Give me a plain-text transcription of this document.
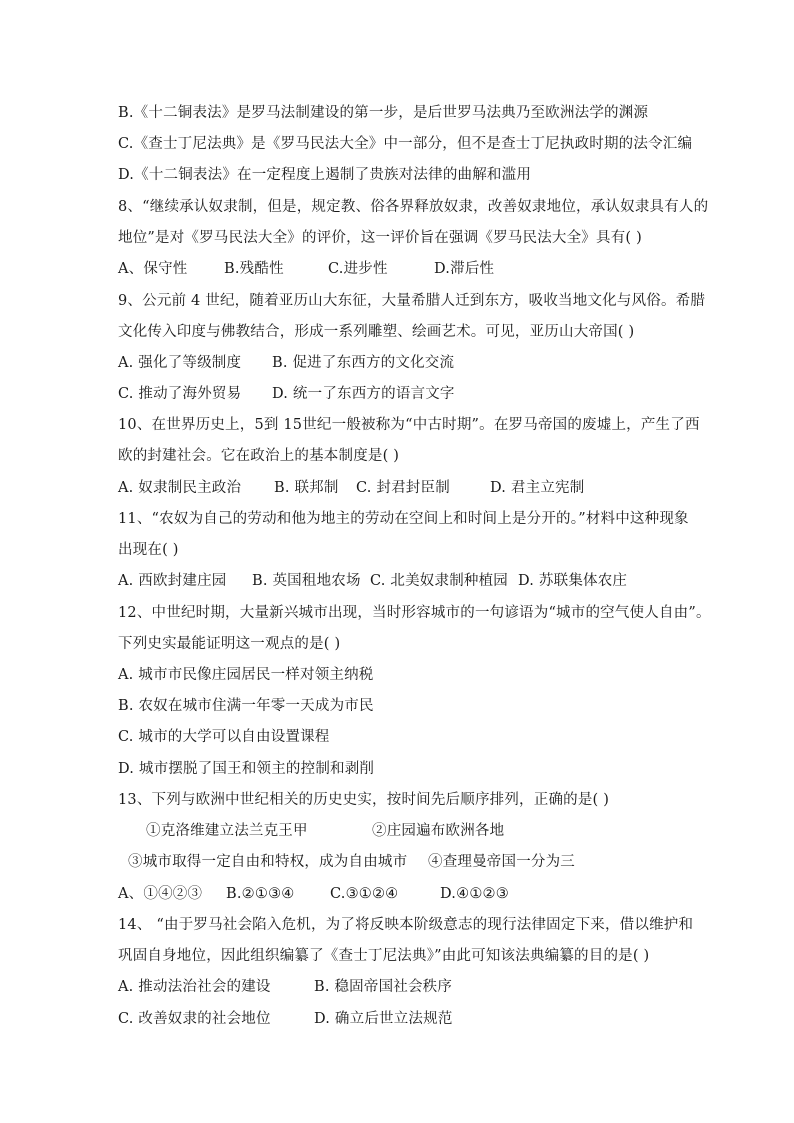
B.《十二铜表法》是罗马法制建设的第一步，是后世罗马法典乃至欧洲法学的渊源
C.《查士丁尼法典》是《罗马民法大全》中一部分，但不是查士丁尼执政时期的法令汇编
D.《十二铜表法》在一定程度上遏制了贵族对法律的曲解和滥用
8、“继续承认奴隶制，但是，规定教、俗各界释放奴隶，改善奴隶地位，承认奴隶具有人的
地位”是对《罗马民法大全》的评价，这一评价旨在强调《罗马民法大全》具有( )
A、保守性	B.残酷性	C.进步性	D.滞后性
9、公元前 4 世纪，随着亚历山大东征，大量希腊人迁到东方，吸收当地文化与风俗。希腊
文化传入印度与佛教结合，形成一系列雕塑、绘画艺术。可见，亚历山大帝国( )
A. 强化了等级制度 B. 促进了东西方的文化交流
C. 推动了海外贸易 D. 统一了东西方的语言文字
10、在世界历史上，5到 15世纪一般被称为“中古时期”。在罗马帝国的废墟上，产生了西
欧的封建社会。它在政治上的基本制度是( )
A. 奴隶制民主政治 B. 联邦制 C. 封君封臣制	D. 君主立宪制
11、“农奴为自己的劳动和他为地主的劳动在空间上和时间上是分开的。”材料中这种现象
出现在( )
A. 西欧封建庄园 B. 英国租地农场 C. 北美奴隶制种植园 D. 苏联集体农庄
12、中世纪时期，大量新兴城市出现，当时形容城市的一句谚语为“城市的空气使人自由”。
下列史实最能证明这一观点的是( )
A. 城市市民像庄园居民一样对领主纳税
B. 农奴在城市住满一年零一天成为市民
C. 城市的大学可以自由设置课程
D. 城市摆脱了国王和领主的控制和剥削
13、下列与欧洲中世纪相关的历史史实，按时间先后顺序排列，正确的是( )
①克洛维建立法兰克王甲	②庄园遍布欧洲各地
③城市取得一定自由和特权，成为自由城市 ④查理曼帝国一分为三
A、①④②③ B.②①③④ C.③①②④	D.④①②③
14、 “由于罗马社会陷入危机，为了将反映本阶级意志的现行法律固定下来，借以维护和
巩固自身地位，因此组织编纂了《查士丁尼法典》”由此可知该法典编纂的目的是( )
A. 推动法治社会的建设	B. 稳固帝国社会秩序
C. 改善奴隶的社会地位	D. 确立后世立法规范
